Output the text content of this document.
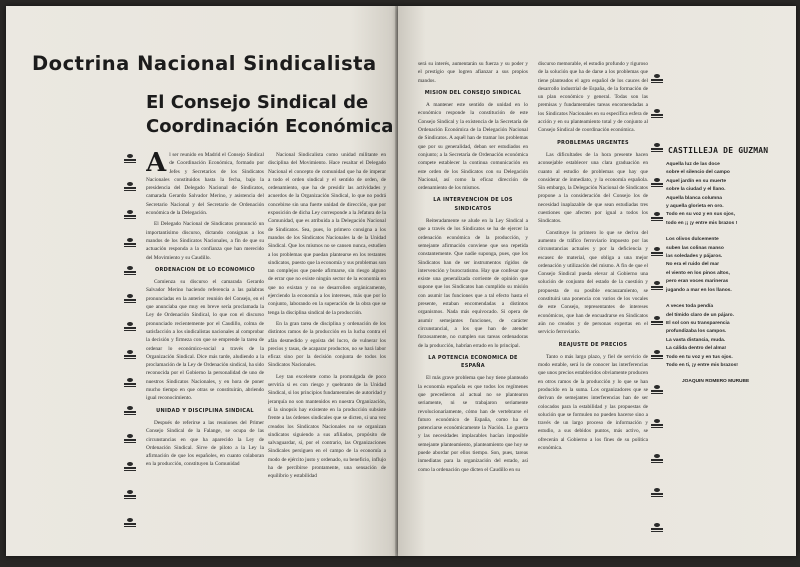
Doctrina Nacional Sindicalista
El Consejo Sindical de
Coordinación Económica
A l ser reunido en Madrid el Consejo Sindical de Coordinación Económica, formado por Jefes y Secretarios de los Sindicatos Nacionales constituidos hasta la fecha, bajo la presidencia del Delegado Nacional de Sindicatos, camarada Gerardo Salvador Merino, y asistencia del Secretario Nacional y del Secretario de Ordenación económica de la Delegación.

El Delegado Nacional de Sindicatos pronunció un importantísimo discurso, dictando consignas a los mandos de los Sindicatos Nacionales, a fin de que su actuación responda a la confianza que han merecido del Movimiento y su Caudillo.

ORDENACION DE LO ECONOMICO

Comienza su discurso el camarada Gerardo Salvador Merino haciendo referencia a las palabras pronunciadas en la anterior reunión del Consejo, en el que anunciaba que muy en breve sería proclamada la Ley de Ordenación Sindical, lo que con el discurso pronunciado recientemente por el Caudillo, colma de satisfacción a los sindicalistas nacionales al comprobar la decisión y firmeza con que se emprende la tarea de ordenar lo económico-social a través de la Organización Sindical. Dice más tarde, aludiendo a la proclamación de la Ley de Ordenación sindical, ha sido reconocida por el Gobierno la personalidad de uno de nuestros Sindicatos Nacionales, y en hora de poner mucho tiempo en que otras se constituirán, abriendo igual reconocimiento.

UNIDAD Y DISCIPLINA SINDICAL

Después de referirse a las reuniones del Primer Consejo Sindical de la Falange, se ocupa de las circunstancias en que ha aparecido la Ley de Ordenación Sindical. Sirve de piloto a la Ley la afirmación de que los españoles, en cuanto colaboran en la producción, constituyen la Comunidad

Nacional Sindicalista como unidad militante en disciplina del Movimiento. Hace resaltar el Delegado Nacional el concepto de comunidad que ha de imperar a todo el orden sindical y el sentido de orden, de ordenamiento, que ha de presidir las actividades y acuerdos de la Organización Sindical, lo que no podrá concebirse sin una fuerte unidad de dirección, que por exposición de dicha Ley corresponde a la Jefatura de la Comunidad, que es atribuida a la Delegación Nacional de Sindicatos. Sea, pues, lo primero consigna a los mandos de los Sindicatos Nacionales la de la Unidad Sindical. Que los mismos no se cansen nunca, estudien a los problemas que puedan plantearse en los restantes sindicatos, puesto que la economía y sus problemas son tan complejos que puede afirmarse, sin riesgo alguno de errar que no existe ningún sector de la economía en que no existan y no se desarrollen orgánicamente, ejerciendo la economía a los intereses, más que por lo conjunto, laborando en la superación de la obra que se tenga la disciplina sindical de la producción.

En la gran tarea de disciplina y ordenación de los distintos ramos de la producción en la lucha contra el afán desmedido y egoísta del lucro, de vulnerar los precios y tasas, de acaparar productos, no se hará labor eficaz sino por la decisión conjunta de todos los Sindicatos Nacionales.

Ley tan excelente como la promulgada de poco serviría si es con riesgo y quebranto de la Unidad Sindical, si los principios fundamentales de autoridad y jerarquía no son mantenidos en nuestra Organización, sí la sinopsis hay existente en la producción subsiste frente a las órdenes sindicales que se dicten, si una vez creados los Sindicatos Nacionales no se organizan sindicatos siguiendo a sus afiliados, propósito de salvaguardar, sí, por el contrario, las Organizaciones Sindicales persiguen en el campo de la economía a modo de ejército justo y ordenado, su beneficio, influjo ha de percibirse prontamente, una sensación de equilibrio y estabilidad

será su interés, aumentarán su fuerza y su poder y el prestigio que logren afianzar a sus propios mandos.

MISION DEL CONSEJO SINDICAL

A mantener este sentido de unidad en lo económico responde la constitución de este Consejo Sindical y la existencia de la Secretaría de Ordenación Económica de la Delegación Nacional de Sindicatos. A aquél han de tramar los problemas que por su generalidad, deban ser estudiados en conjunto; a la Secretaría de Ordenación económica compete establecer la continua comunicación en este orden de los Sindicatos con su Delegación Nacional, así como la eficaz dirección de ordenamiento de los mismos.

LA INTERVENCION DE LOS SINDICATOS

Reiteradamente se alude en la Ley Sindical a que a través de los Sindicatos se ha de ejercer la ordenación económica de la producción, y semejante afirmación conviene que sea repetida constantemente. Que nadie suponga, pues, que los Sindicatos han de ser instrumentos rígidos de intervención y burocratismo. Hay que confesar que existe una generalizada corriente de opinión que supone que los Sindicatos han cumplido su misión con asumir las funciones que a tal efecto hasta el presente, estaban encomendadas a distintos organismos. Nada más equivocado. Si opera de asumir semejantes funciones, de carácter circunstancial, a los que han de atender forzosamente, no cumplen sus tareas ordenadoras de la producción, habrían errado en lo principal.

LA POTENCIA ECONOMICA DE ESPAÑA

El más grave problema que hoy tiene planteado la economía española es que todos los regímenes que precedieron al actual no se plantearon seriamente, ni se trabajaron seriamente revolucionariamente, cómo han de vertebrarse el futuro económico de España, como ha de potenciarse económicamente la Nación. Lo guerra y las necesidades implacables hacían imposible semejante planteamiento, planteamiento que hoy se puede abordar por ellos tiempo. Son, pues, tareas inmediatas para la organización del estado, así como la ordenación que dicten el Caudillo en su

discurso memorable, el estudio profundo y riguroso de la solución que ha de darse a los problemas que tiene planteados el agro español de los cauces del desarrollo industrial de España, de la formación de un plan económico y general. Todas son las premisas y fundamentales tareas encomendadas a los Sindicatos Nacionales en su específica esfera de acción y en su planteamiento total y de conjunto al Consejo Sindical de coordinación económica.

PROBLEMAS URGENTES

Las dificultades de la hora presente hacen aconsejable establecer una clara graduación en cuanto al estudio de problemas que hay que considerar de inmediato, y la economía española. Sin embargo, la Delegación Nacional de Sindicatos propone a la consideración del Consejo los de necesidad inaplazable de que sean estudiadas tres cuestiones que afecten por igual a todos los Sindicatos.

Constituye lo primero lo que se deriva del aumento de tráfico ferroviario impuesto por las circunstancias actuales y por la deficiencia y escasez de material, que obliga a una mejor ordenación y utilización del mismo. A fin de que el Consejo Sindical pueda elevar al Gobierno una solución de conjunto del estado de la cuestión y propuesta de su posible encauzamiento, se constituirá una ponencia con varios de los vocales de este Consejo, representantes de intereses económicos, que han de encuadrarse en Sindicatos aún no creados y de personas expertas en el servicio ferroviario.

REAJUSTE DE PRECIOS

Tanto o más largo plazo, y fiel de servicio de modo estable, será lo de conocer las interferencias que unos precios establecidos obviamente producen en otros ramos de la producción y lo que se han producido en la suma. Los organizadores que se derivan de semejantes interferencias han de ser colocados para la estabilidad y las propuestas de solución que se formulen no pueden hacerse sino a través de un largo proceso de información y estudio, a sus debidos puntos, más activo, se ofrecerán al Gobierno a los fines de su política económica.

CASTILLEJA DE GUZMAN
Aquella luz de las doce
sobre el silencio del campo
Aquel jardín en su muerte
sobre la ciudad y el llano.
Aquella blanca columna
y aquella glorieta en oro.
Todo en su voz y en sus ojos,
todo en ¡¡ ¡y entre mis brazos !
Los olivos dulcemente
suben las colinas manso
las soledades y pájaros.
No era el ruido del mar
el viento en los pinos altos,
pero eran voces marineras
jugando a mar en los llanos.
A veces toda pendía
del tímido claro de un pájaro.
El sol con su transparencia
profundizaba los campos.
La vasta distancia, muda.
La cálida dentro del alma!
Todo en tu voz y en tus ojos.
Todo en ti, ¡y entre mis brazos!
JOAQUIN ROMERO MURUBE
